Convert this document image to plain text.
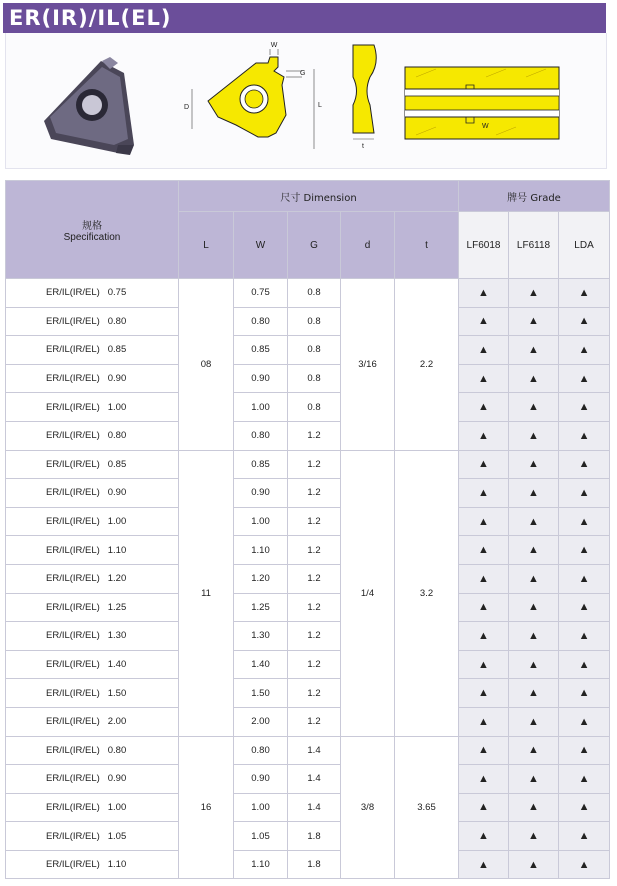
ER(IR)/IL(EL)
W
G
D	L
t
W
规格
Specification	尺寸 Dimension					牌号 Grade		
	L	W	G	d	t	LF6018	LF6118	LDA
ER/IL(IR/EL)   0.75	08	0.75	0.8	3/16	2.2	▲	▲	▲
ER/IL(IR/EL)   0.80		0.80	0.8			▲	▲	▲
ER/IL(IR/EL)   0.85		0.85	0.8			▲	▲	▲
ER/IL(IR/EL)   0.90		0.90	0.8			▲	▲	▲
ER/IL(IR/EL)   1.00		1.00	0.8			▲	▲	▲
ER/IL(IR/EL)   0.80		0.80	1.2			▲	▲	▲
ER/IL(IR/EL)   0.85	11	0.85	1.2	1/4	3.2	▲	▲	▲
ER/IL(IR/EL)   0.90		0.90	1.2			▲	▲	▲
ER/IL(IR/EL)   1.00		1.00	1.2			▲	▲	▲
ER/IL(IR/EL)   1.10		1.10	1.2			▲	▲	▲
ER/IL(IR/EL)   1.20		1.20	1.2			▲	▲	▲
ER/IL(IR/EL)   1.25		1.25	1.2			▲	▲	▲
ER/IL(IR/EL)   1.30		1.30	1.2			▲	▲	▲
ER/IL(IR/EL)   1.40		1.40	1.2			▲	▲	▲
ER/IL(IR/EL)   1.50		1.50	1.2			▲	▲	▲
ER/IL(IR/EL)   2.00		2.00	1.2			▲	▲	▲
ER/IL(IR/EL)   0.80	16	0.80	1.4	3/8	3.65	▲	▲	▲
ER/IL(IR/EL)   0.90		0.90	1.4			▲	▲	▲
ER/IL(IR/EL)   1.00		1.00	1.4			▲	▲	▲
ER/IL(IR/EL)   1.05		1.05	1.8			▲	▲	▲
ER/IL(IR/EL)   1.10		1.10	1.8			▲	▲	▲
